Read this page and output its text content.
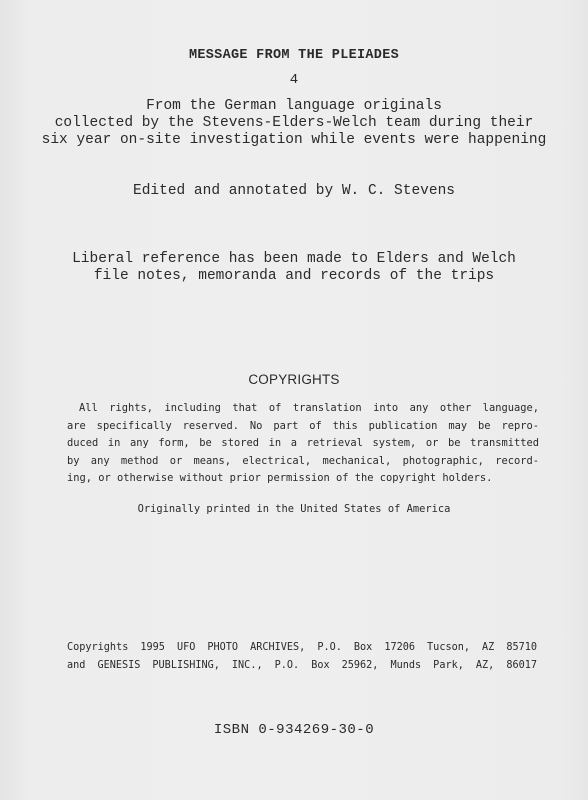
MESSAGE FROM THE PLEIADES
4
From the German language originals
collected by the Stevens-Elders-Welch team during their
six year on-site investigation while events were happening
Edited and annotated by W. C. Stevens
Liberal reference has been made to Elders and Welch
file notes, memoranda and records of the trips
COPYRIGHTS
All rights, including that of translation into any other language,
are specifically reserved. No part of this publication may be repro-
duced in any form, be stored in a retrieval system, or be transmitted
by any method or means, electrical, mechanical, photographic, record-
ing, or otherwise without prior permission of the copyright holders.
Originally printed in the United States of America
Copyrights 1995 UFO PHOTO ARCHIVES, P.O. Box 17206 Tucson, AZ 85710
and GENESIS PUBLISHING, INC., P.O. Box 25962, Munds Park, AZ, 86017
ISBN 0-934269-30-0
